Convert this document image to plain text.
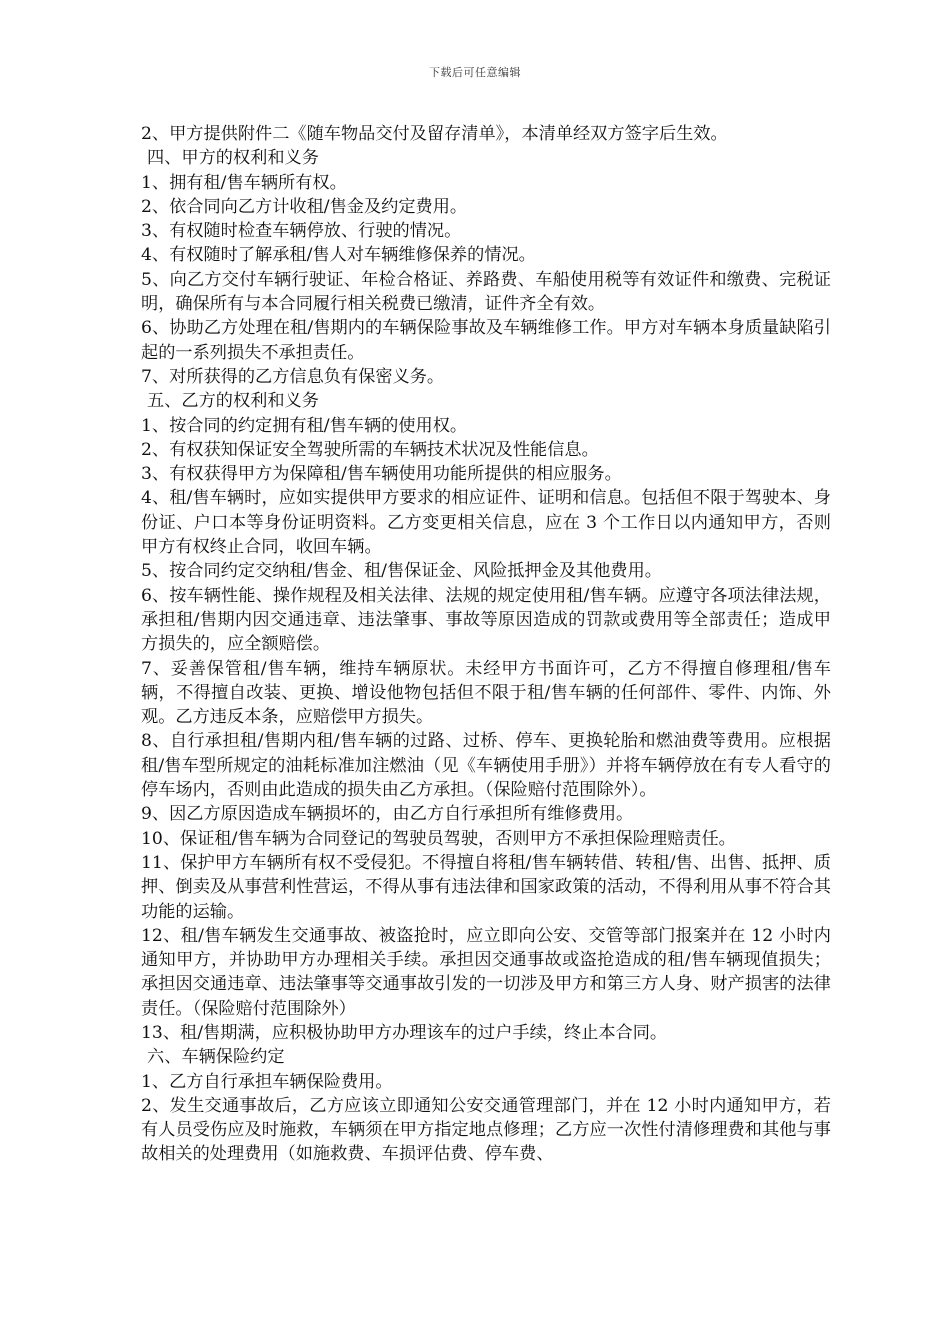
下载后可任意编辑

2、甲方提供附件二《随车物品交付及留存清单》，本清单经双方签字后生效。

四、甲方的权利和义务

1、拥有租/售车辆所有权。

2、依合同向乙方计收租/售金及约定费用。

3、有权随时检查车辆停放、行驶的情况。

4、有权随时了解承租/售人对车辆维修保养的情况。

5、向乙方交付车辆行驶证、年检合格证、养路费、车船使用税等有效证件和缴费、完税证明，确保所有与本合同履行相关税费已缴清，证件齐全有效。

6、协助乙方处理在租/售期内的车辆保险事故及车辆维修工作。甲方对车辆本身质量缺陷引起的一系列损失不承担责任。

7、对所获得的乙方信息负有保密义务。

五、乙方的权利和义务

1、按合同的约定拥有租/售车辆的使用权。

2、有权获知保证安全驾驶所需的车辆技术状况及性能信息。

3、有权获得甲方为保障租/售车辆使用功能所提供的相应服务。

4、租/售车辆时，应如实提供甲方要求的相应证件、证明和信息。包括但不限于驾驶本、身份证、户口本等身份证明资料。乙方变更相关信息，应在 3 个工作日以内通知甲方，否则甲方有权终止合同，收回车辆。

5、按合同约定交纳租/售金、租/售保证金、风险抵押金及其他费用。

6、按车辆性能、操作规程及相关法律、法规的规定使用租/售车辆。应遵守各项法律法规，承担租/售期内因交通违章、违法肇事、事故等原因造成的罚款或费用等全部责任；造成甲方损失的，应全额赔偿。

7、妥善保管租/售车辆，维持车辆原状。未经甲方书面许可，乙方不得擅自修理租/售车辆，不得擅自改装、更换、增设他物包括但不限于租/售车辆的任何部件、零件、内饰、外观。乙方违反本条，应赔偿甲方损失。

8、自行承担租/售期内租/售车辆的过路、过桥、停车、更换轮胎和燃油费等费用。应根据租/售车型所规定的油耗标准加注燃油（见《车辆使用手册》）并将车辆停放在有专人看守的停车场内，否则由此造成的损失由乙方承担。（保险赔付范围除外）。

9、因乙方原因造成车辆损坏的，由乙方自行承担所有维修费用。

10、保证租/售车辆为合同登记的驾驶员驾驶，否则甲方不承担保险理赔责任。

11、保护甲方车辆所有权不受侵犯。不得擅自将租/售车辆转借、转租/售、出售、抵押、质押、倒卖及从事营利性营运，不得从事有违法律和国家政策的活动，不得利用从事不符合其功能的运输。

12、租/售车辆发生交通事故、被盗抢时，应立即向公安、交管等部门报案并在 12 小时内通知甲方，并协助甲方办理相关手续。承担因交通事故或盗抢造成的租/售车辆现值损失；承担因交通违章、违法肇事等交通事故引发的一切涉及甲方和第三方人身、财产损害的法律责任。（保险赔付范围除外）

13、租/售期满，应积极协助甲方办理该车的过户手续，终止本合同。

六、车辆保险约定

1、乙方自行承担车辆保险费用。

2、发生交通事故后，乙方应该立即通知公安交通管理部门，并在 12 小时内通知甲方，若有人员受伤应及时施救，车辆须在甲方指定地点修理；乙方应一次性付清修理费和其他与事故相关的处理费用（如施救费、车损评估费、停车费、
